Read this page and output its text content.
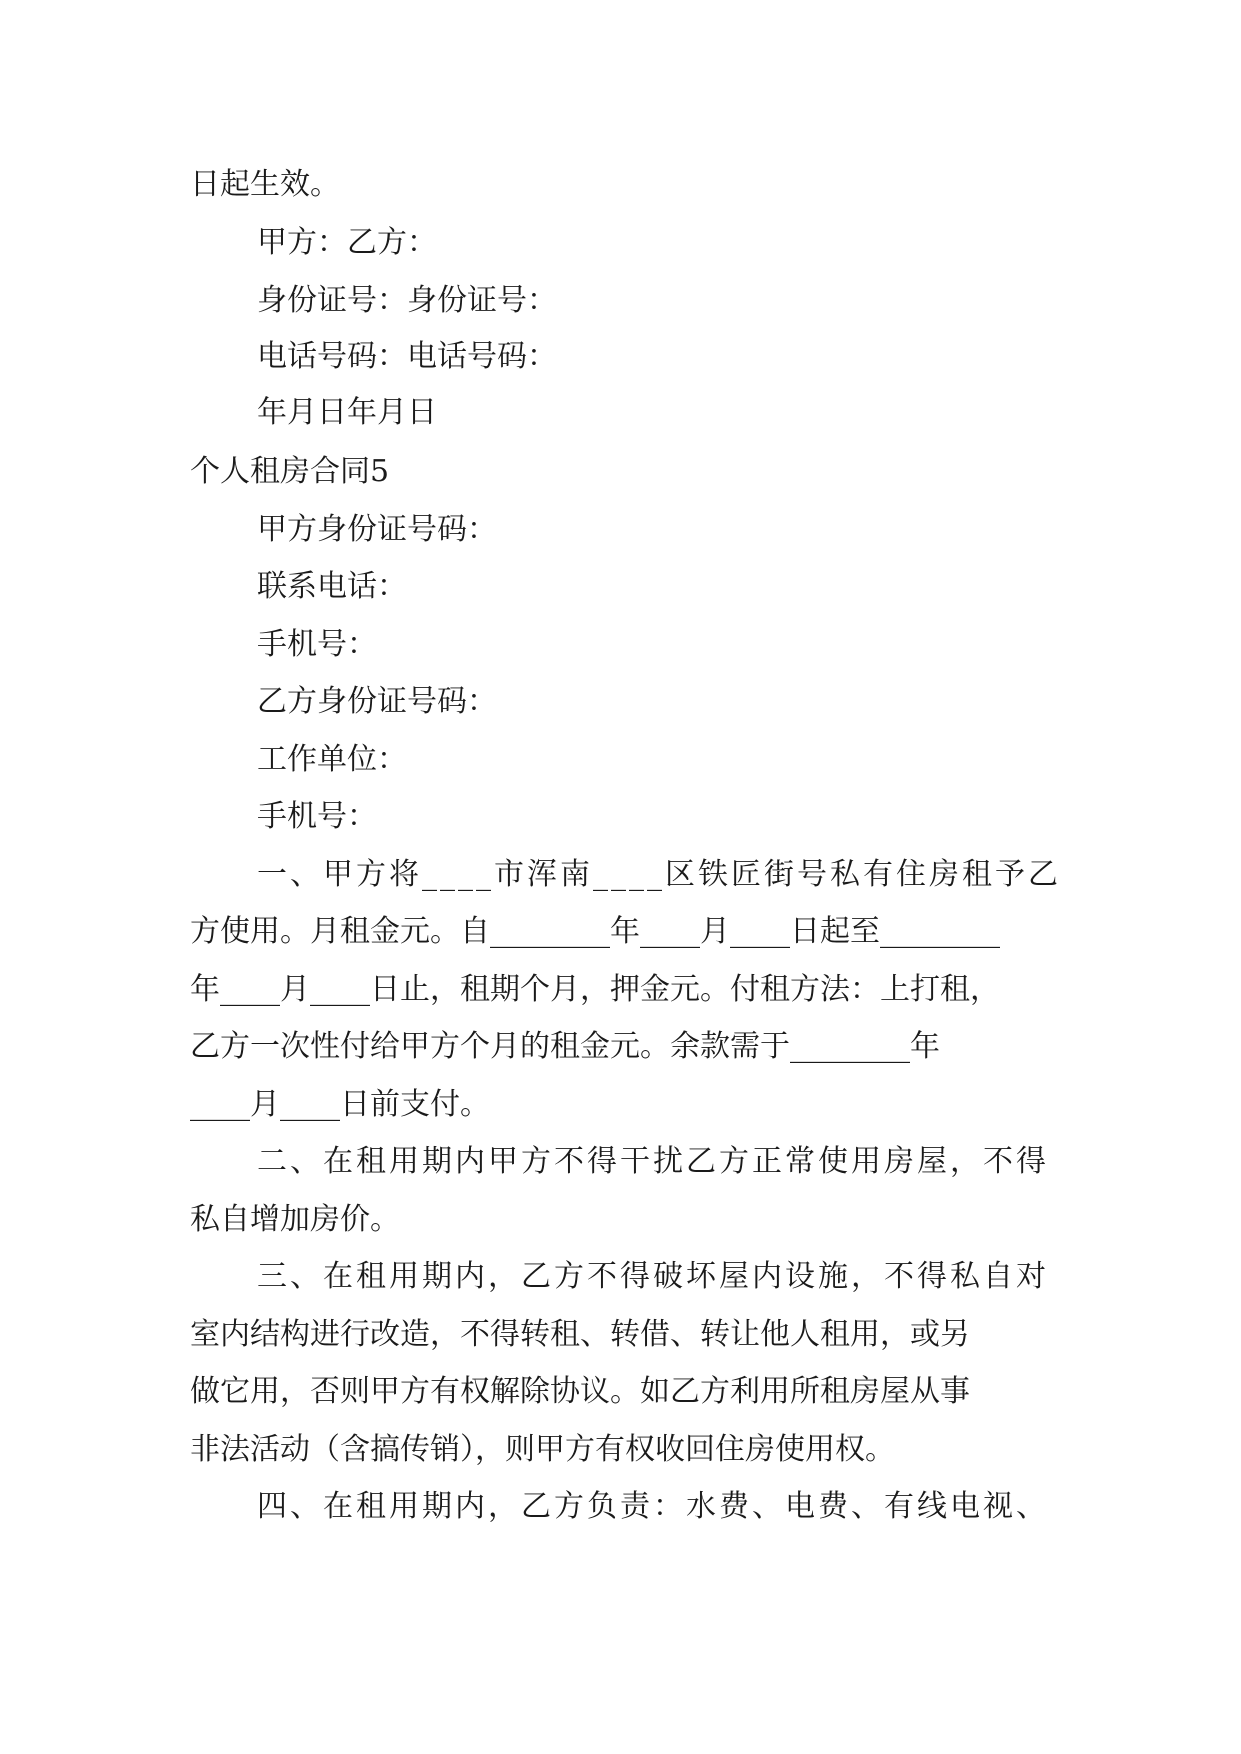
日起生效。
甲方：乙方：
身份证号：身份证号：
电话号码：电话号码：
年月日年月日
个人租房合同5
甲方身份证号码：
联系电话：
手机号：
乙方身份证号码：
工作单位：
手机号：
一、甲方将____市浑南____区铁匠街号私有住房租予乙
方使用。月租金元。自________年____月____日起至________
年____月____日止，租期个月，押金元。付租方法：上打租，
乙方一次性付给甲方个月的租金元。余款需于________年
____月____日前支付。
二、在租用期内甲方不得干扰乙方正常使用房屋，不得
私自增加房价。
三、在租用期内，乙方不得破坏屋内设施，不得私自对
室内结构进行改造，不得转租、转借、转让他人租用，或另
做它用，否则甲方有权解除协议。如乙方利用所租房屋从事
非法活动（含搞传销），则甲方有权收回住房使用权。
四、在租用期内，乙方负责：水费、电费、有线电视、
